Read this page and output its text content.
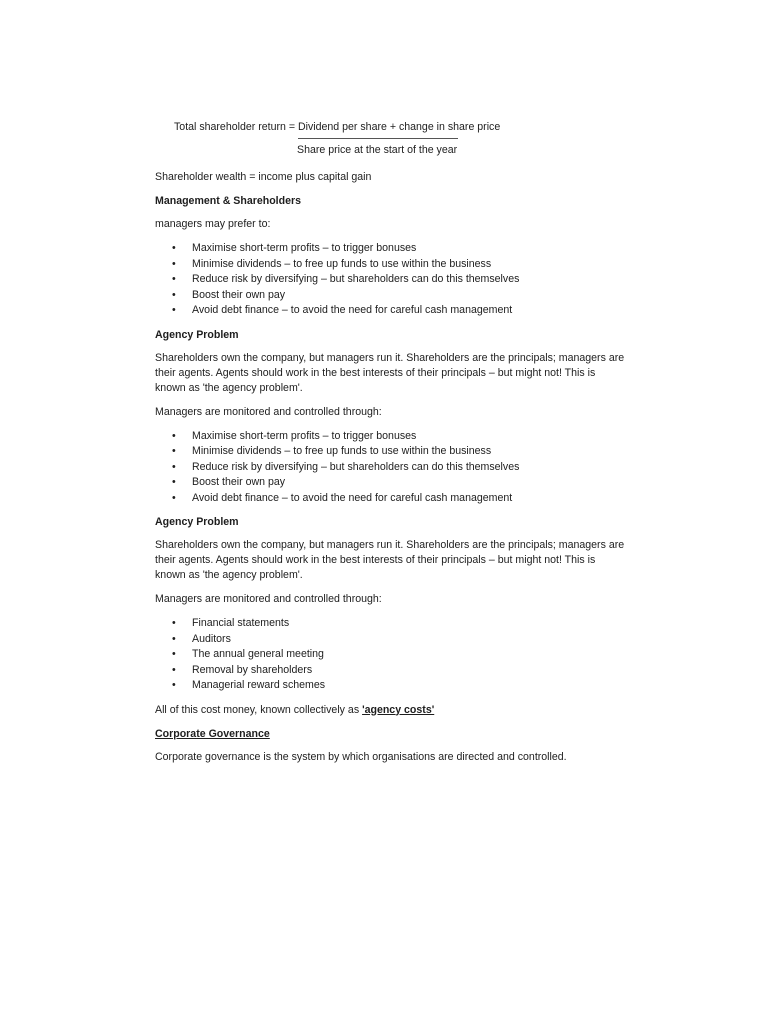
Total shareholder return = Dividend per share + change in share price
Share price at the start of the year

Shareholder wealth = income plus capital gain

Management & Shareholders

managers may prefer to:

• Maximise short-term profits – to trigger bonuses
• Minimise dividends – to free up funds to use within the business
• Reduce risk by diversifying – but shareholders can do this themselves
• Boost their own pay
• Avoid debt finance – to avoid the need for careful cash management

Agency Problem

Shareholders own the company, but managers run it. Shareholders are the principals; managers are their agents. Agents should work in the best interests of their principals – but might not! This is known as 'the agency problem'.

Managers are monitored and controlled through:

• Maximise short-term profits – to trigger bonuses
• Minimise dividends – to free up funds to use within the business
• Reduce risk by diversifying – but shareholders can do this themselves
• Boost their own pay
• Avoid debt finance – to avoid the need for careful cash management

Agency Problem

Shareholders own the company, but managers run it. Shareholders are the principals; managers are their agents. Agents should work in the best interests of their principals – but might not! This is known as 'the agency problem'.

Managers are monitored and controlled through:

• Financial statements
• Auditors
• The annual general meeting
• Removal by shareholders
• Managerial reward schemes

All of this cost money, known collectively as 'agency costs'

Corporate Governance

Corporate governance is the system by which organisations are directed and controlled.
